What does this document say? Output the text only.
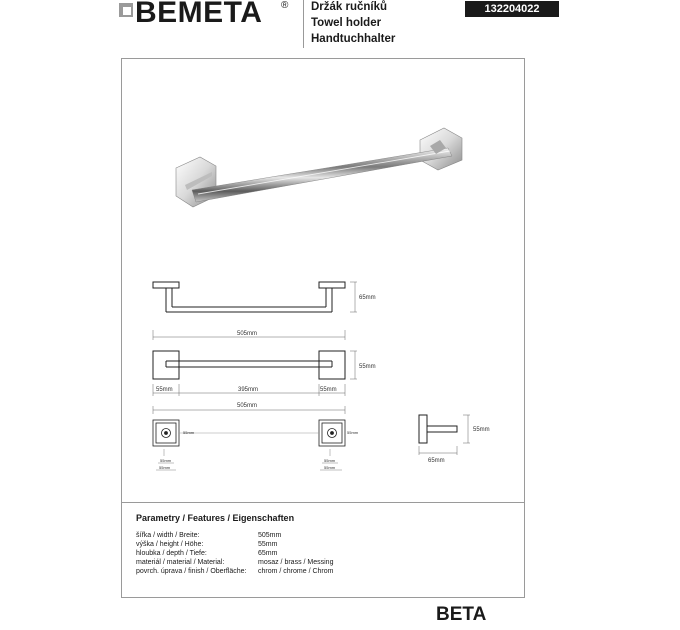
BEMETA ® Držák ručníků
Towel holder
Handtuchhalter
132204022
65mm
505mm
55mm
55mm	395mm	55mm
505mm
55mm	55mm
55mm
55mm
55mm
55mm
55mm
65mm
Parametry / Features / Eigenschaften
šířka / width / Breite:	505mm
výška / height / Höhe:	55mm
hloubka / depth / Tiefe:	65mm
materiál / material / Material:	mosaz / brass / Messing
povrch. úprava / finish / Oberfläche:	chrom / chrome / Chrom
BETA
